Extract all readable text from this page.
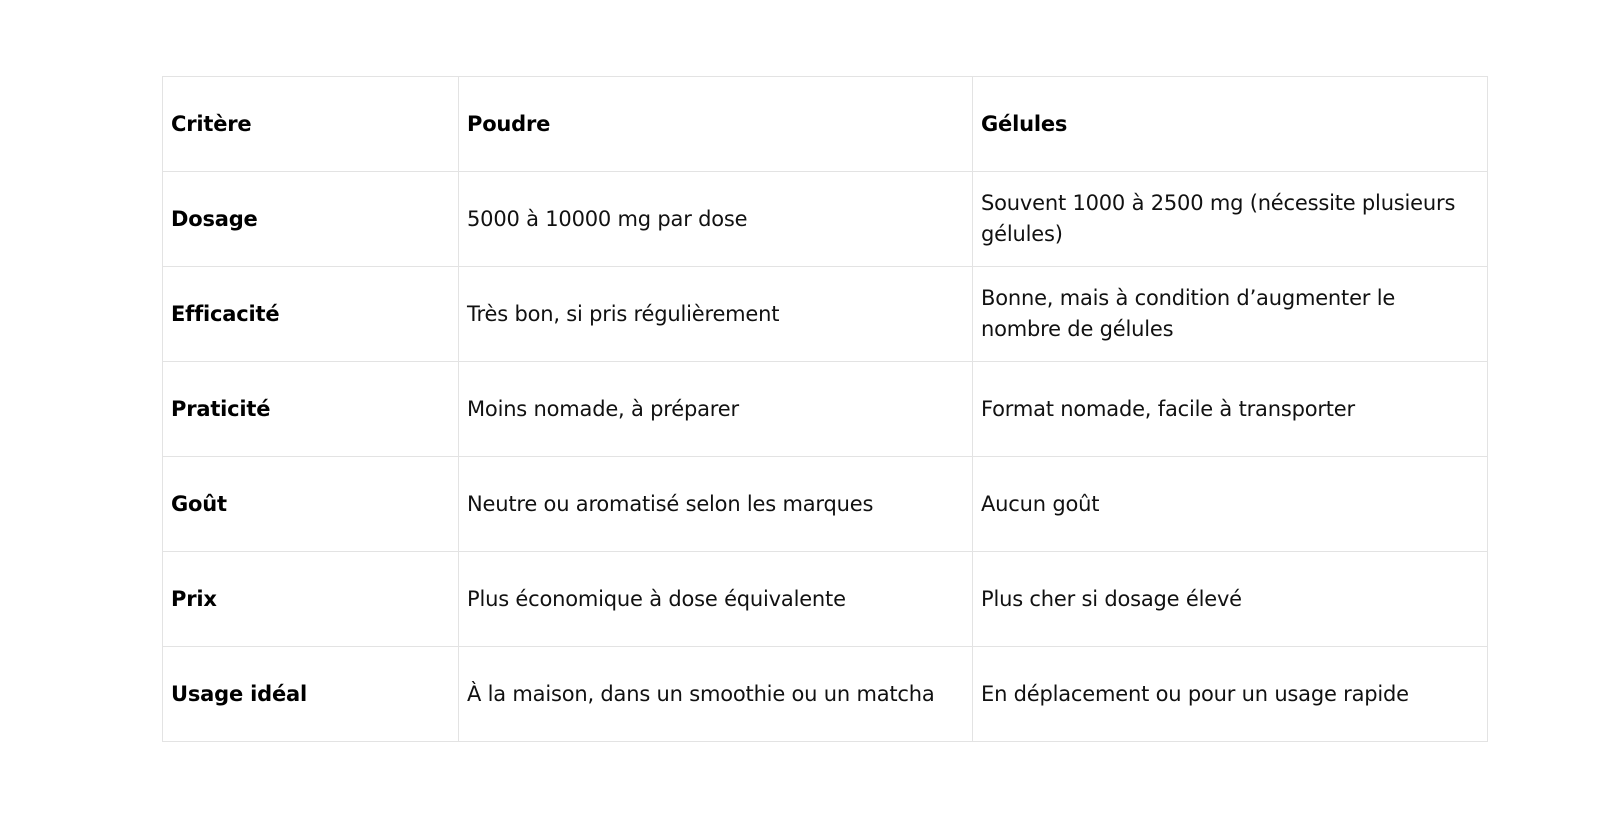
Critère	Poudre	Gélules
Dosage	5000 à 10000 mg par dose	Souvent 1000 à 2500 mg (nécessite plusieurs gélules)
Efficacité	Très bon, si pris régulièrement	Bonne, mais à condition d’augmenter le nombre de gélules
Praticité	Moins nomade, à préparer	Format nomade, facile à transporter
Goût	Neutre ou aromatisé selon les marques	Aucun goût
Prix	Plus économique à dose équivalente	Plus cher si dosage élevé
Usage idéal	À la maison, dans un smoothie ou un matcha	En déplacement ou pour un usage rapide
